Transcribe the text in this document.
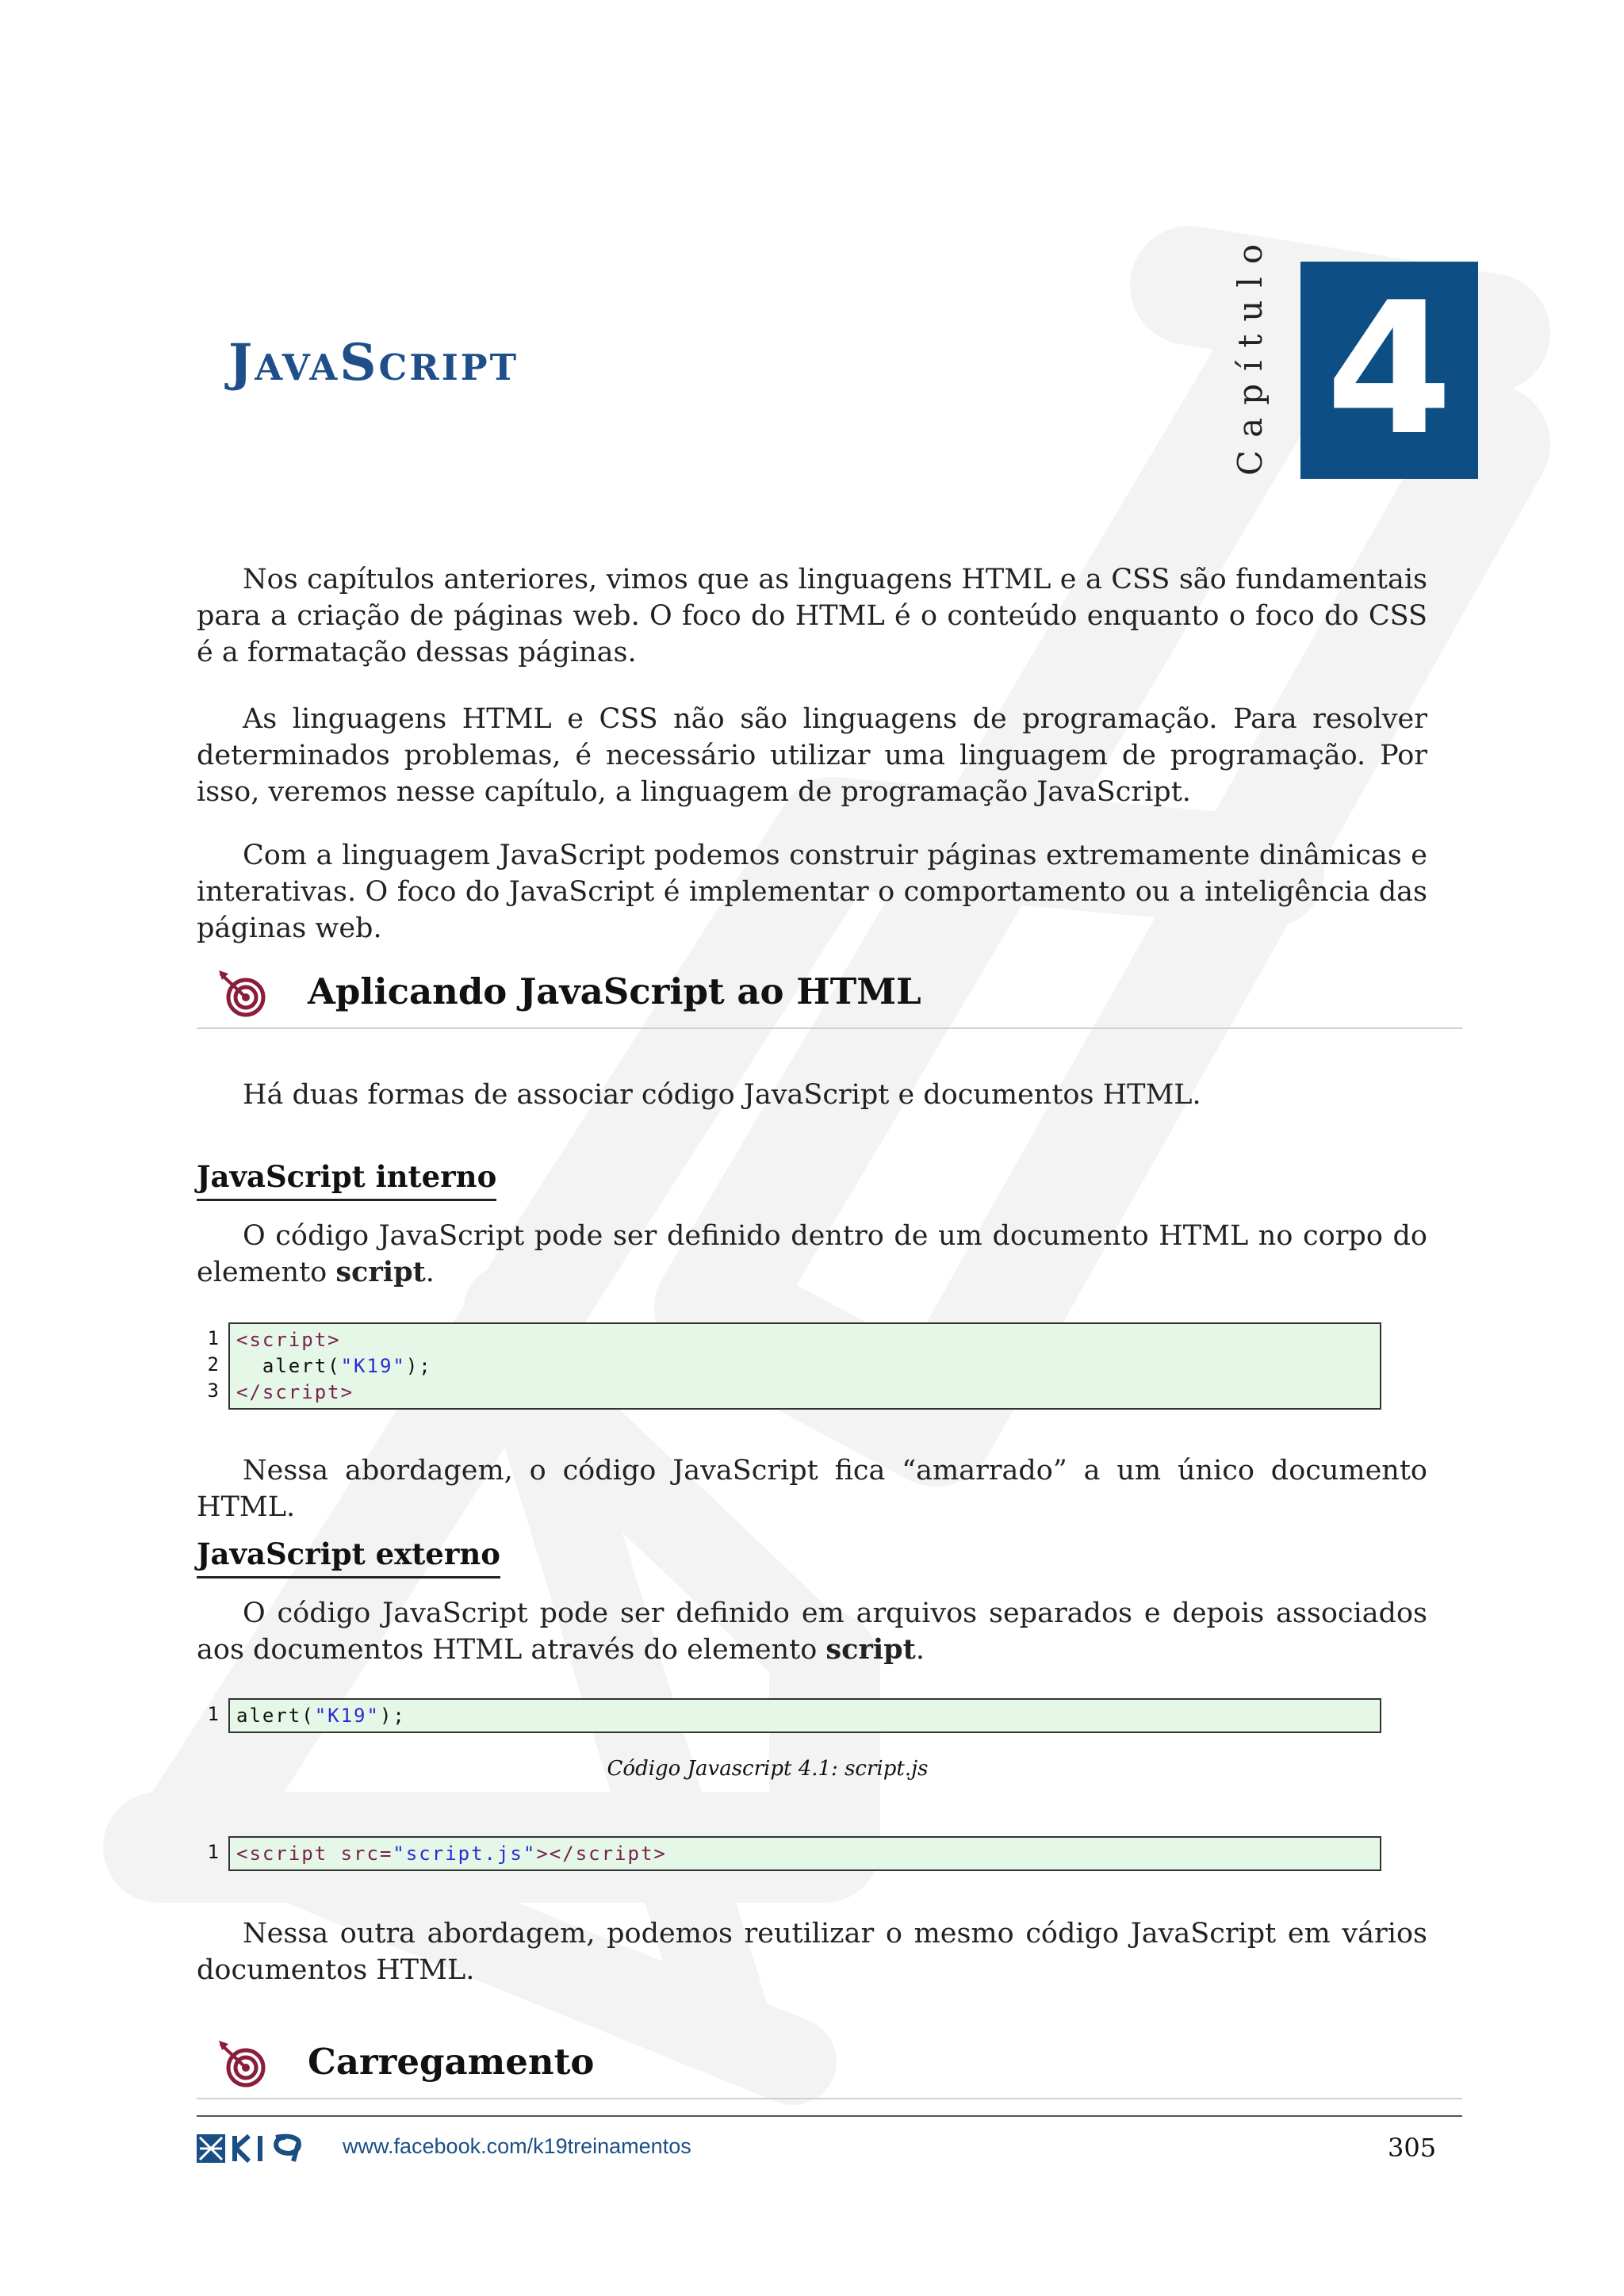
JavaScript	Capítulo 4

Nos capítulos anteriores, vimos que as linguagens HTML e a CSS são fundamentais para a criação de páginas web. O foco do HTML é o conteúdo enquanto o foco do CSS é a formatação dessas páginas.

As linguagens HTML e CSS não são linguagens de programação. Para resolver determinados problemas, é necessário utilizar uma linguagem de programação. Por isso, veremos nesse capítulo, a linguagem de programação JavaScript.

Com a linguagem JavaScript podemos construir páginas extremamente dinâmicas e interativas. O foco do JavaScript é implementar o comportamento ou a inteligência das páginas web.

Aplicando JavaScript ao HTML

Há duas formas de associar código JavaScript e documentos HTML.

JavaScript interno

O código JavaScript pode ser definido dentro de um documento HTML no corpo do elemento script.

1
2
3
<script>
alert("K19");
</script>

Nessa abordagem, o código JavaScript fica “amarrado” a um único documento HTML.

JavaScript externo

O código JavaScript pode ser definido em arquivos separados e depois associados aos documentos HTML através do elemento script.

1 alert("K19");
Código Javascript 4.1: script.js
1 <script src="script.js"></script>

Nessa outra abordagem, podemos reutilizar o mesmo código JavaScript em vários documentos HTML.

Carregamento
www.facebook.com/k19treinamentos	305
